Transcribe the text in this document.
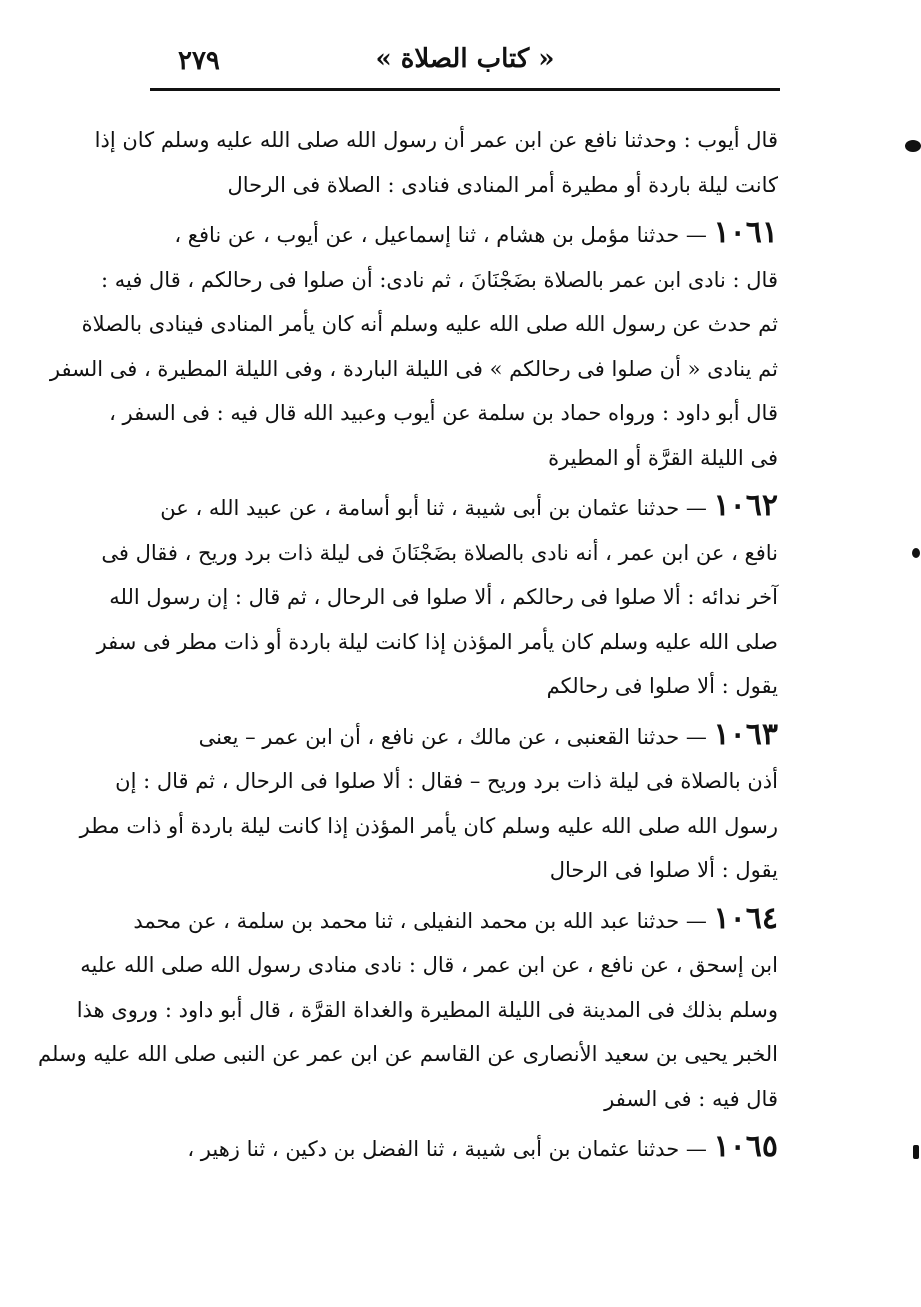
٢٧٩	« كتاب الصلاة »
قال أيوب : وحدثنا نافع عن ابن عمر أن رسول الله صلى الله عليه وسلم كان إذا
كانت ليلة باردة أو مطيرة أمر المنادى فنادى : الصلاة فى الرحال
١٠٦١ — حدثنا مؤمل بن هشام ، ثنا إسماعيل ، عن أيوب ، عن نافع ،
قال : نادى ابن عمر بالصلاة بضَجْنَانَ ، ثم نادى: أن صلوا فى رحالكم ، قال فيه :
ثم حدث عن رسول الله صلى الله عليه وسلم أنه كان يأمر المنادى فينادى بالصلاة
ثم ينادى « أن صلوا فى رحالكم » فى الليلة الباردة ، وفى الليلة المطيرة ، فى السفر
قال أبو داود : ورواه حماد بن سلمة عن أيوب وعبيد الله قال فيه : فى السفر ،
فى الليلة القرَّة أو المطيرة
١٠٦٢ — حدثنا عثمان بن أبى شيبة ، ثنا أبو أسامة ، عن عبيد الله ، عن
نافع ، عن ابن عمر ، أنه نادى بالصلاة بضَجْنَانَ فى ليلة ذات برد وريح ، فقال فى
آخر ندائه : ألا صلوا فى رحالكم ، ألا صلوا فى الرحال ، ثم قال : إن رسول الله
صلى الله عليه وسلم كان يأمر المؤذن إذا كانت ليلة باردة أو ذات مطر فى سفر
يقول : ألا صلوا فى رحالكم
١٠٦٣ — حدثنا القعنبى ، عن مالك ، عن نافع ، أن ابن عمر – يعنى
أذن بالصلاة فى ليلة ذات برد وريح – فقال : ألا صلوا فى الرحال ، ثم قال : إن
رسول الله صلى الله عليه وسلم كان يأمر المؤذن إذا كانت ليلة باردة أو ذات مطر
يقول : ألا صلوا فى الرحال
١٠٦٤ — حدثنا عبد الله بن محمد النفيلى ، ثنا محمد بن سلمة ، عن محمد
ابن إسحق ، عن نافع ، عن ابن عمر ، قال : نادى منادى رسول الله صلى الله عليه
وسلم بذلك فى المدينة فى الليلة المطيرة والغداة القرَّة ، قال أبو داود : وروى هذا
الخبر يحيى بن سعيد الأنصارى عن القاسم عن ابن عمر عن النبى صلى الله عليه وسلم
قال فيه : فى السفر
١٠٦٥ — حدثنا عثمان بن أبى شيبة ، ثنا الفضل بن دكين ، ثنا زهير ،
